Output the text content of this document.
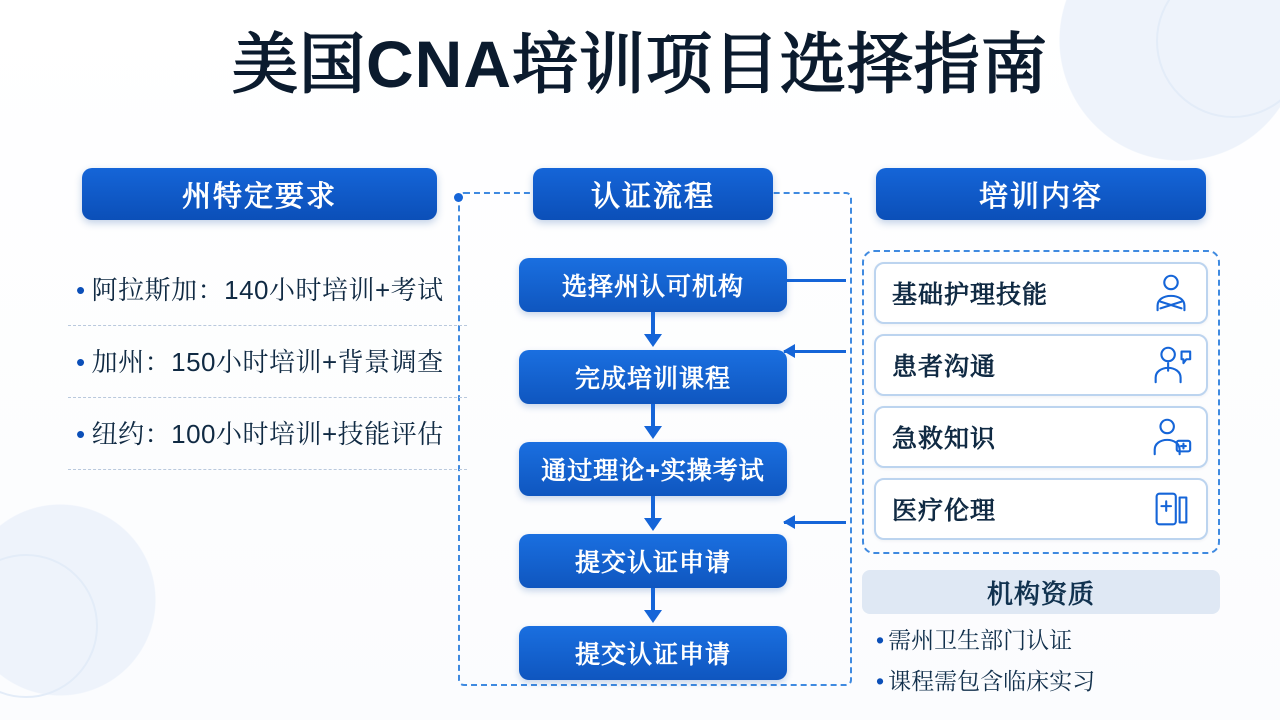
美国CNA培训项目选择指南
州特定要求
• 阿拉斯加：140小时培训+考试
• 加州：150小时培训+背景调查
• 纽约：100小时培训+技能评估
认证流程
选择州认可机构
完成培训课程
通过理论+实操考试
提交认证申请
提交认证申请
培训内容
基础护理技能
患者沟通
急救知识
医疗伦理
机构资质
• 需州卫生部门认证
• 课程需包含临床实习
